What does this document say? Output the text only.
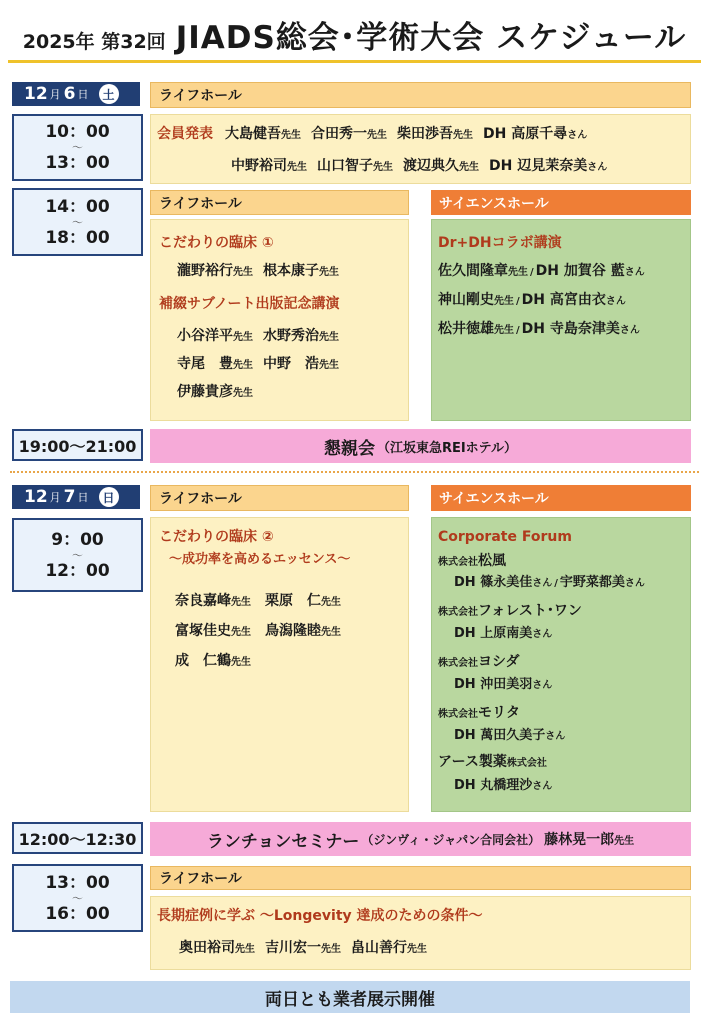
2025年 第32回 JIADS総会･学術大会 スケジュール
12 月 6 日	土	ライフホール
10：00
〜
13：00
会員発表 大島健吾先生 合田秀一先生 柴田渉吾先生 DH 高原千尋さん
中野裕司先生 山口智子先生 渡辺典久先生 DH 辺見茉奈美さん
14：00
〜
18：00
ライフホール
こだわりの臨床 ①
瀧野裕行先生 根本康子先生
補綴サブノート出版記念講演
小谷洋平先生 水野秀治先生
寺尾　豊先生 中野　浩先生
伊藤貴彦先生
サイエンスホール
Dr+DHコラボ講演
佐久間隆章先生 / DH 加賀谷 藍さん
神山剛史先生 / DH 高宮由衣さん
松井徳雄先生 / DH 寺島奈津美さん
19:00〜21:00	懇親会 （江坂東急REIホテル）
12 月 7 日	日
9：00
〜
12：00
ライフホール
こだわりの臨床 ②
〜成功率を高めるエッセンス〜
奈良嘉峰先生 栗原　仁先生
富塚佳史先生 鳥潟隆睦先生
成　仁鶴先生
サイエンスホール
Corporate Forum
株式会社松風
DH 篠永美佳さん / 宇野菜都美さん
株式会社フォレスト･ワン
DH 上原南美さん
株式会社ヨシダ
DH 沖田美羽さん
株式会社モリタ
DH 萬田久美子さん
アース製薬株式会社
DH 丸橋理沙さん
12:00〜12:30	ランチョンセミナー （ジンヴィ・ジャパン合同会社） 藤林晃一郎 先生
13：00
〜
16：00
ライフホール
長期症例に学ぶ 〜Longevity 達成のための条件〜
奥田裕司先生 吉川宏一先生 畠山善行先生
両日とも業者展示開催
